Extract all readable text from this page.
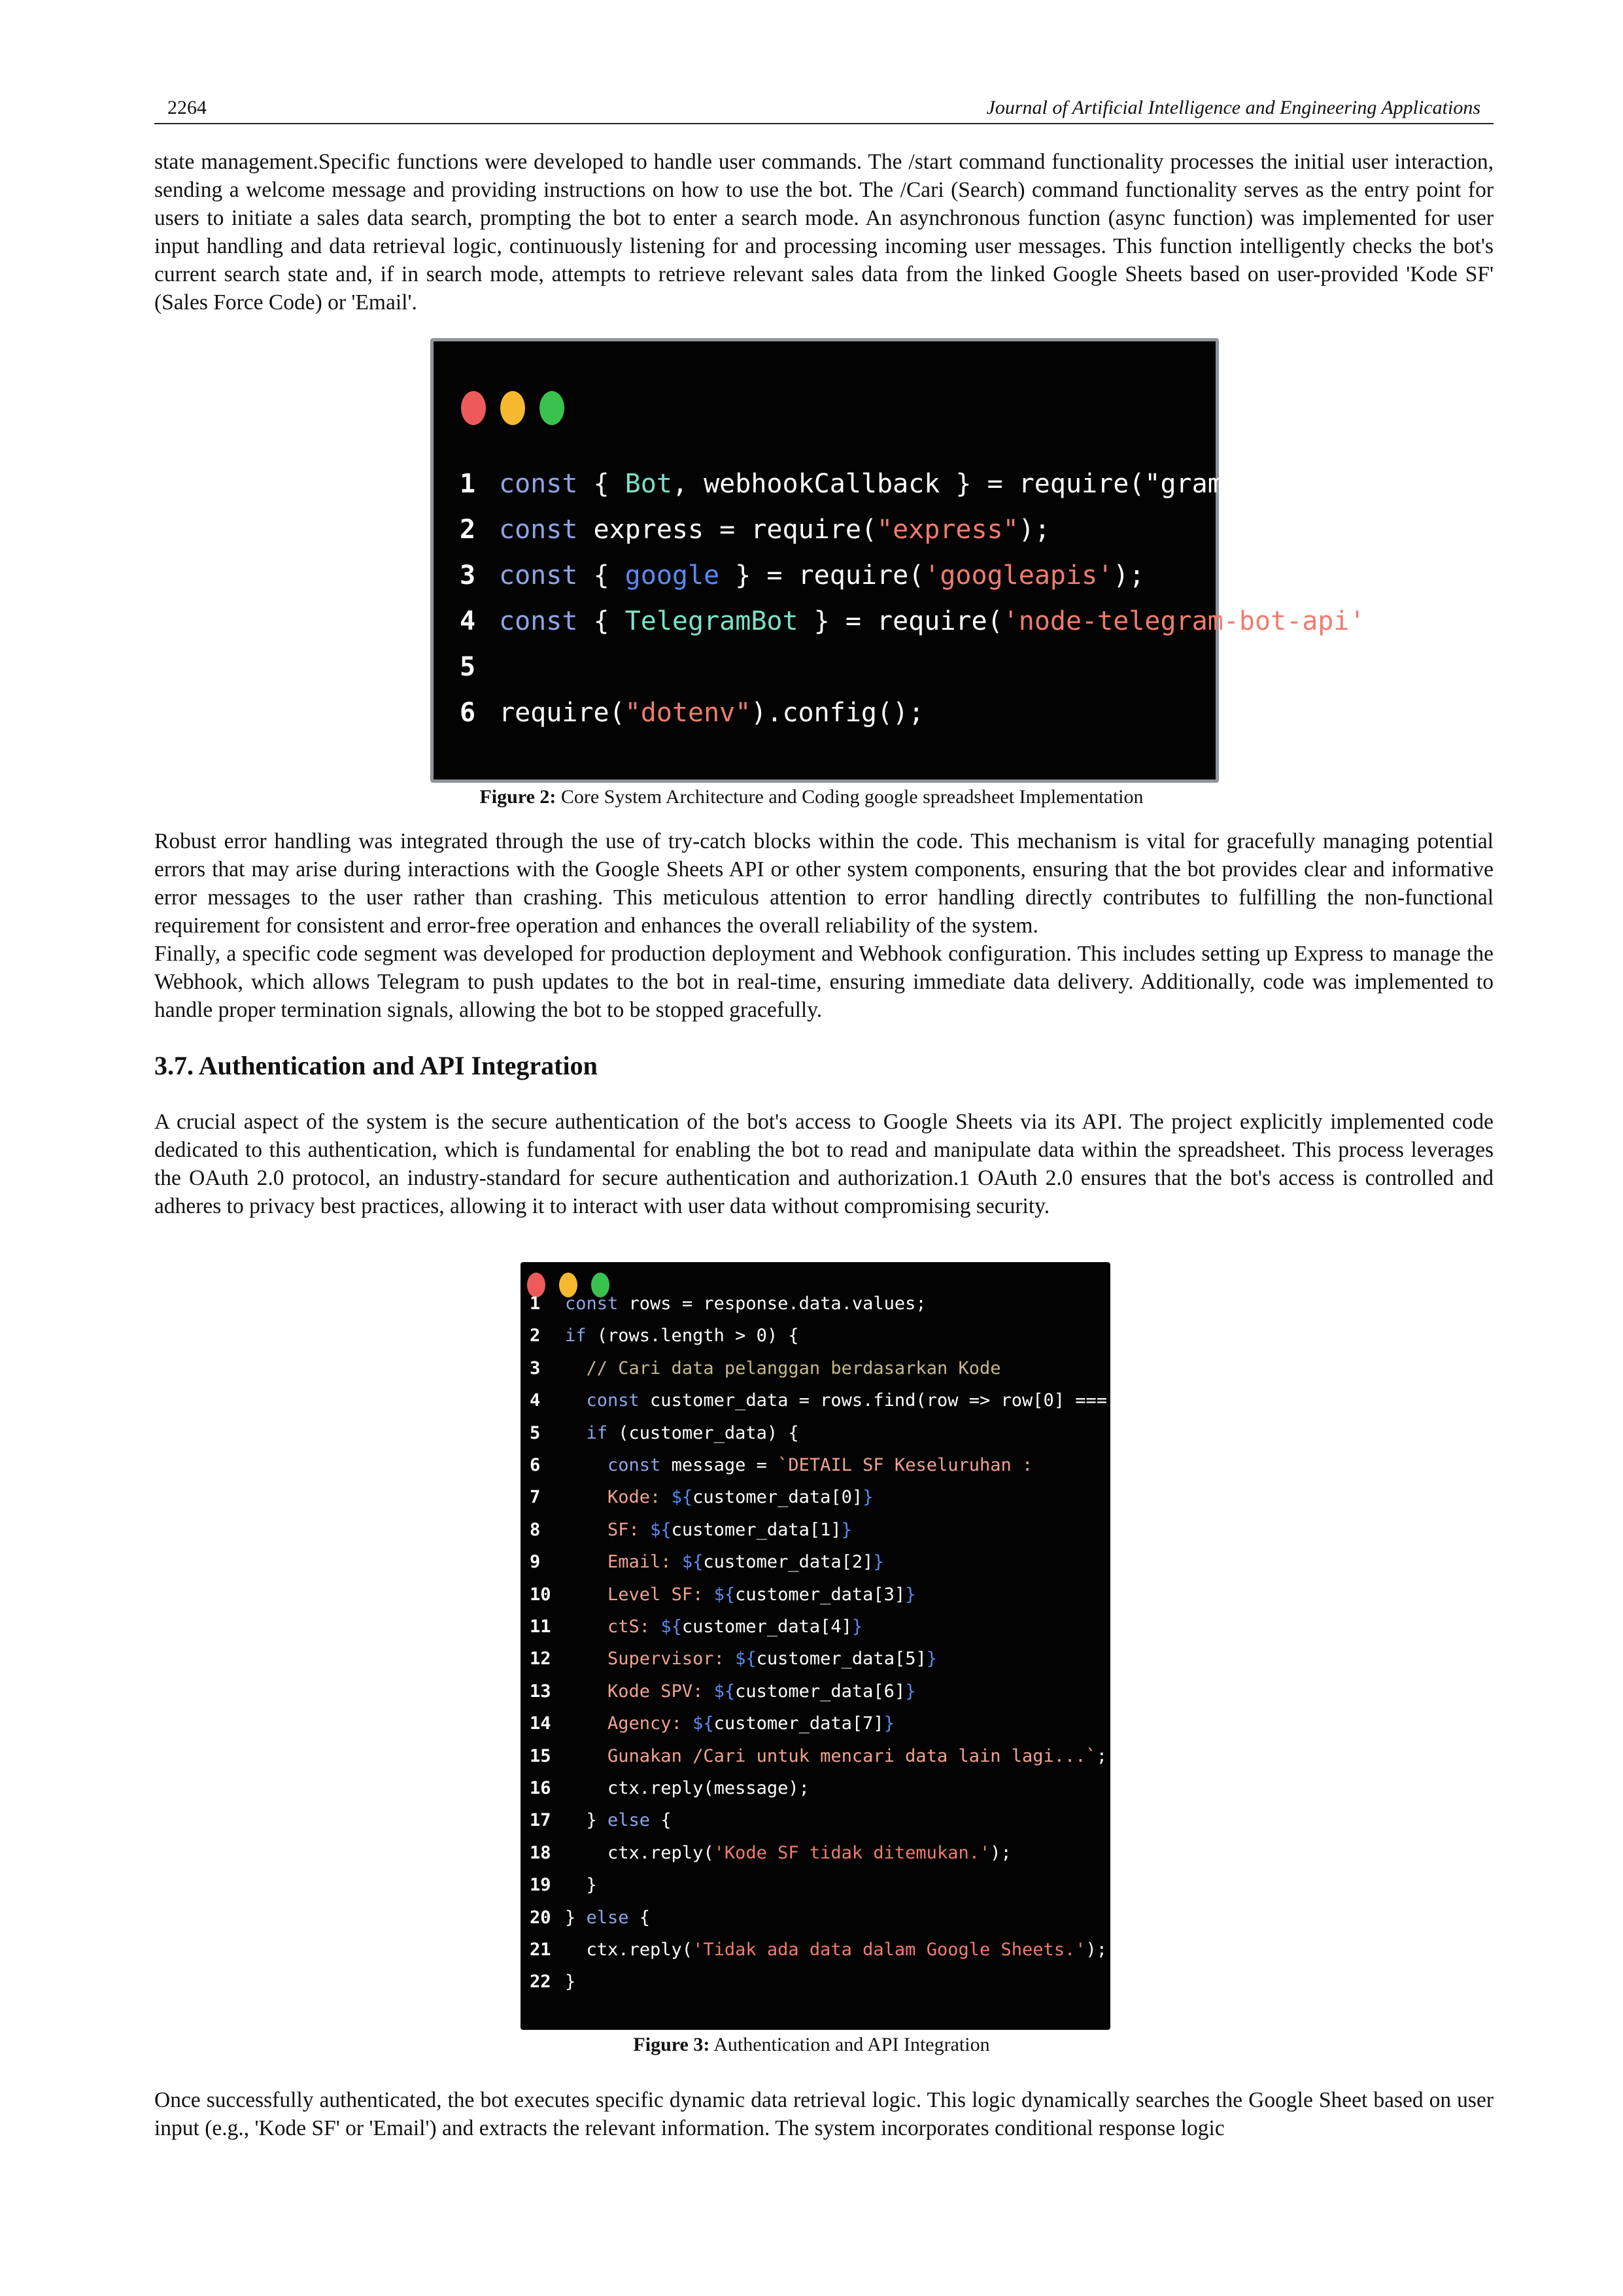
2264	Journal of Artificial Intelligence and Engineering Applications

state management.Specific functions were developed to handle user commands. The /start command functionality processes the initial user interaction, sending a welcome message and providing instructions on how to use the bot. The /Cari (Search) command functionality serves as the entry point for users to initiate a sales data search, prompting the bot to enter a search mode. An asynchronous function (async function) was implemented for user input handling and data retrieval logic, continuously listening for and processing incoming user messages. This function intelligently checks the bot's current search state and, if in search mode, attempts to retrieve relevant sales data from the linked Google Sheets based on user-provided 'Kode SF' (Sales Force Code) or 'Email'.

1 const { Bot, webhookCallback } = require("grammy");
2 const express = require("express");
3 const { google } = require('googleapis');
4 const { TelegramBot } = require('node-telegram-bot-api');
5
6 require("dotenv").config();
Figure 2: Core System Architecture and Coding google spreadsheet Implementation

Robust error handling was integrated through the use of try-catch blocks within the code. This mechanism is vital for gracefully managing potential errors that may arise during interactions with the Google Sheets API or other system components, ensuring that the bot provides clear and informative error messages to the user rather than crashing. This meticulous attention to error handling directly contributes to fulfilling the non-functional requirement for consistent and error-free operation and enhances the overall reliability of the system.

Finally, a specific code segment was developed for production deployment and Webhook configuration. This includes setting up Express to manage the Webhook, which allows Telegram to push updates to the bot in real-time, ensuring immediate data delivery. Additionally, code was implemented to handle proper termination signals, allowing the bot to be stopped gracefully.

3.7. Authentication and API Integration

A crucial aspect of the system is the secure authentication of the bot's access to Google Sheets via its API. The project explicitly implemented code dedicated to this authentication, which is fundamental for enabling the bot to read and manipulate data within the spreadsheet. This process leverages the OAuth 2.0 protocol, an industry-standard for secure authentication and authorization.1 OAuth 2.0 ensures that the bot's access is controlled and adheres to privacy best practices, allowing it to interact with user data without compromising security.

1 const rows = response.data.values;
2 if (rows.length > 0) {
3	// Cari data pelanggan berdasarkan Kode
4	const customer_data = rows.find(row => row[0] === text);
5	if (customer_data) {
6	const message = `DETAIL SF Keseluruhan :
7	Kode: ${customer_data[0]}
8	SF: ${customer_data[1]}
9	Email: ${customer_data[2]}
10	Level SF: ${customer_data[3]}
11	ctS: ${customer_data[4]}
12	Supervisor: ${customer_data[5]}
13	Kode SPV: ${customer_data[6]}
14	Agency: ${customer_data[7]}
15	Gunakan /Cari untuk mencari data lain lagi...`;
16    ctx.reply(message);
17  } else {
18    ctx.reply('Kode SF tidak ditemukan.');
19  }
20 } else {
21  ctx.reply('Tidak ada data dalam Google Sheets.');
22 }
Figure 3: Authentication and API Integration

Once successfully authenticated, the bot executes specific dynamic data retrieval logic. This logic dynamically searches the Google Sheet based on user input (e.g., 'Kode SF' or 'Email') and extracts the relevant information. The system incorporates conditional response logic
